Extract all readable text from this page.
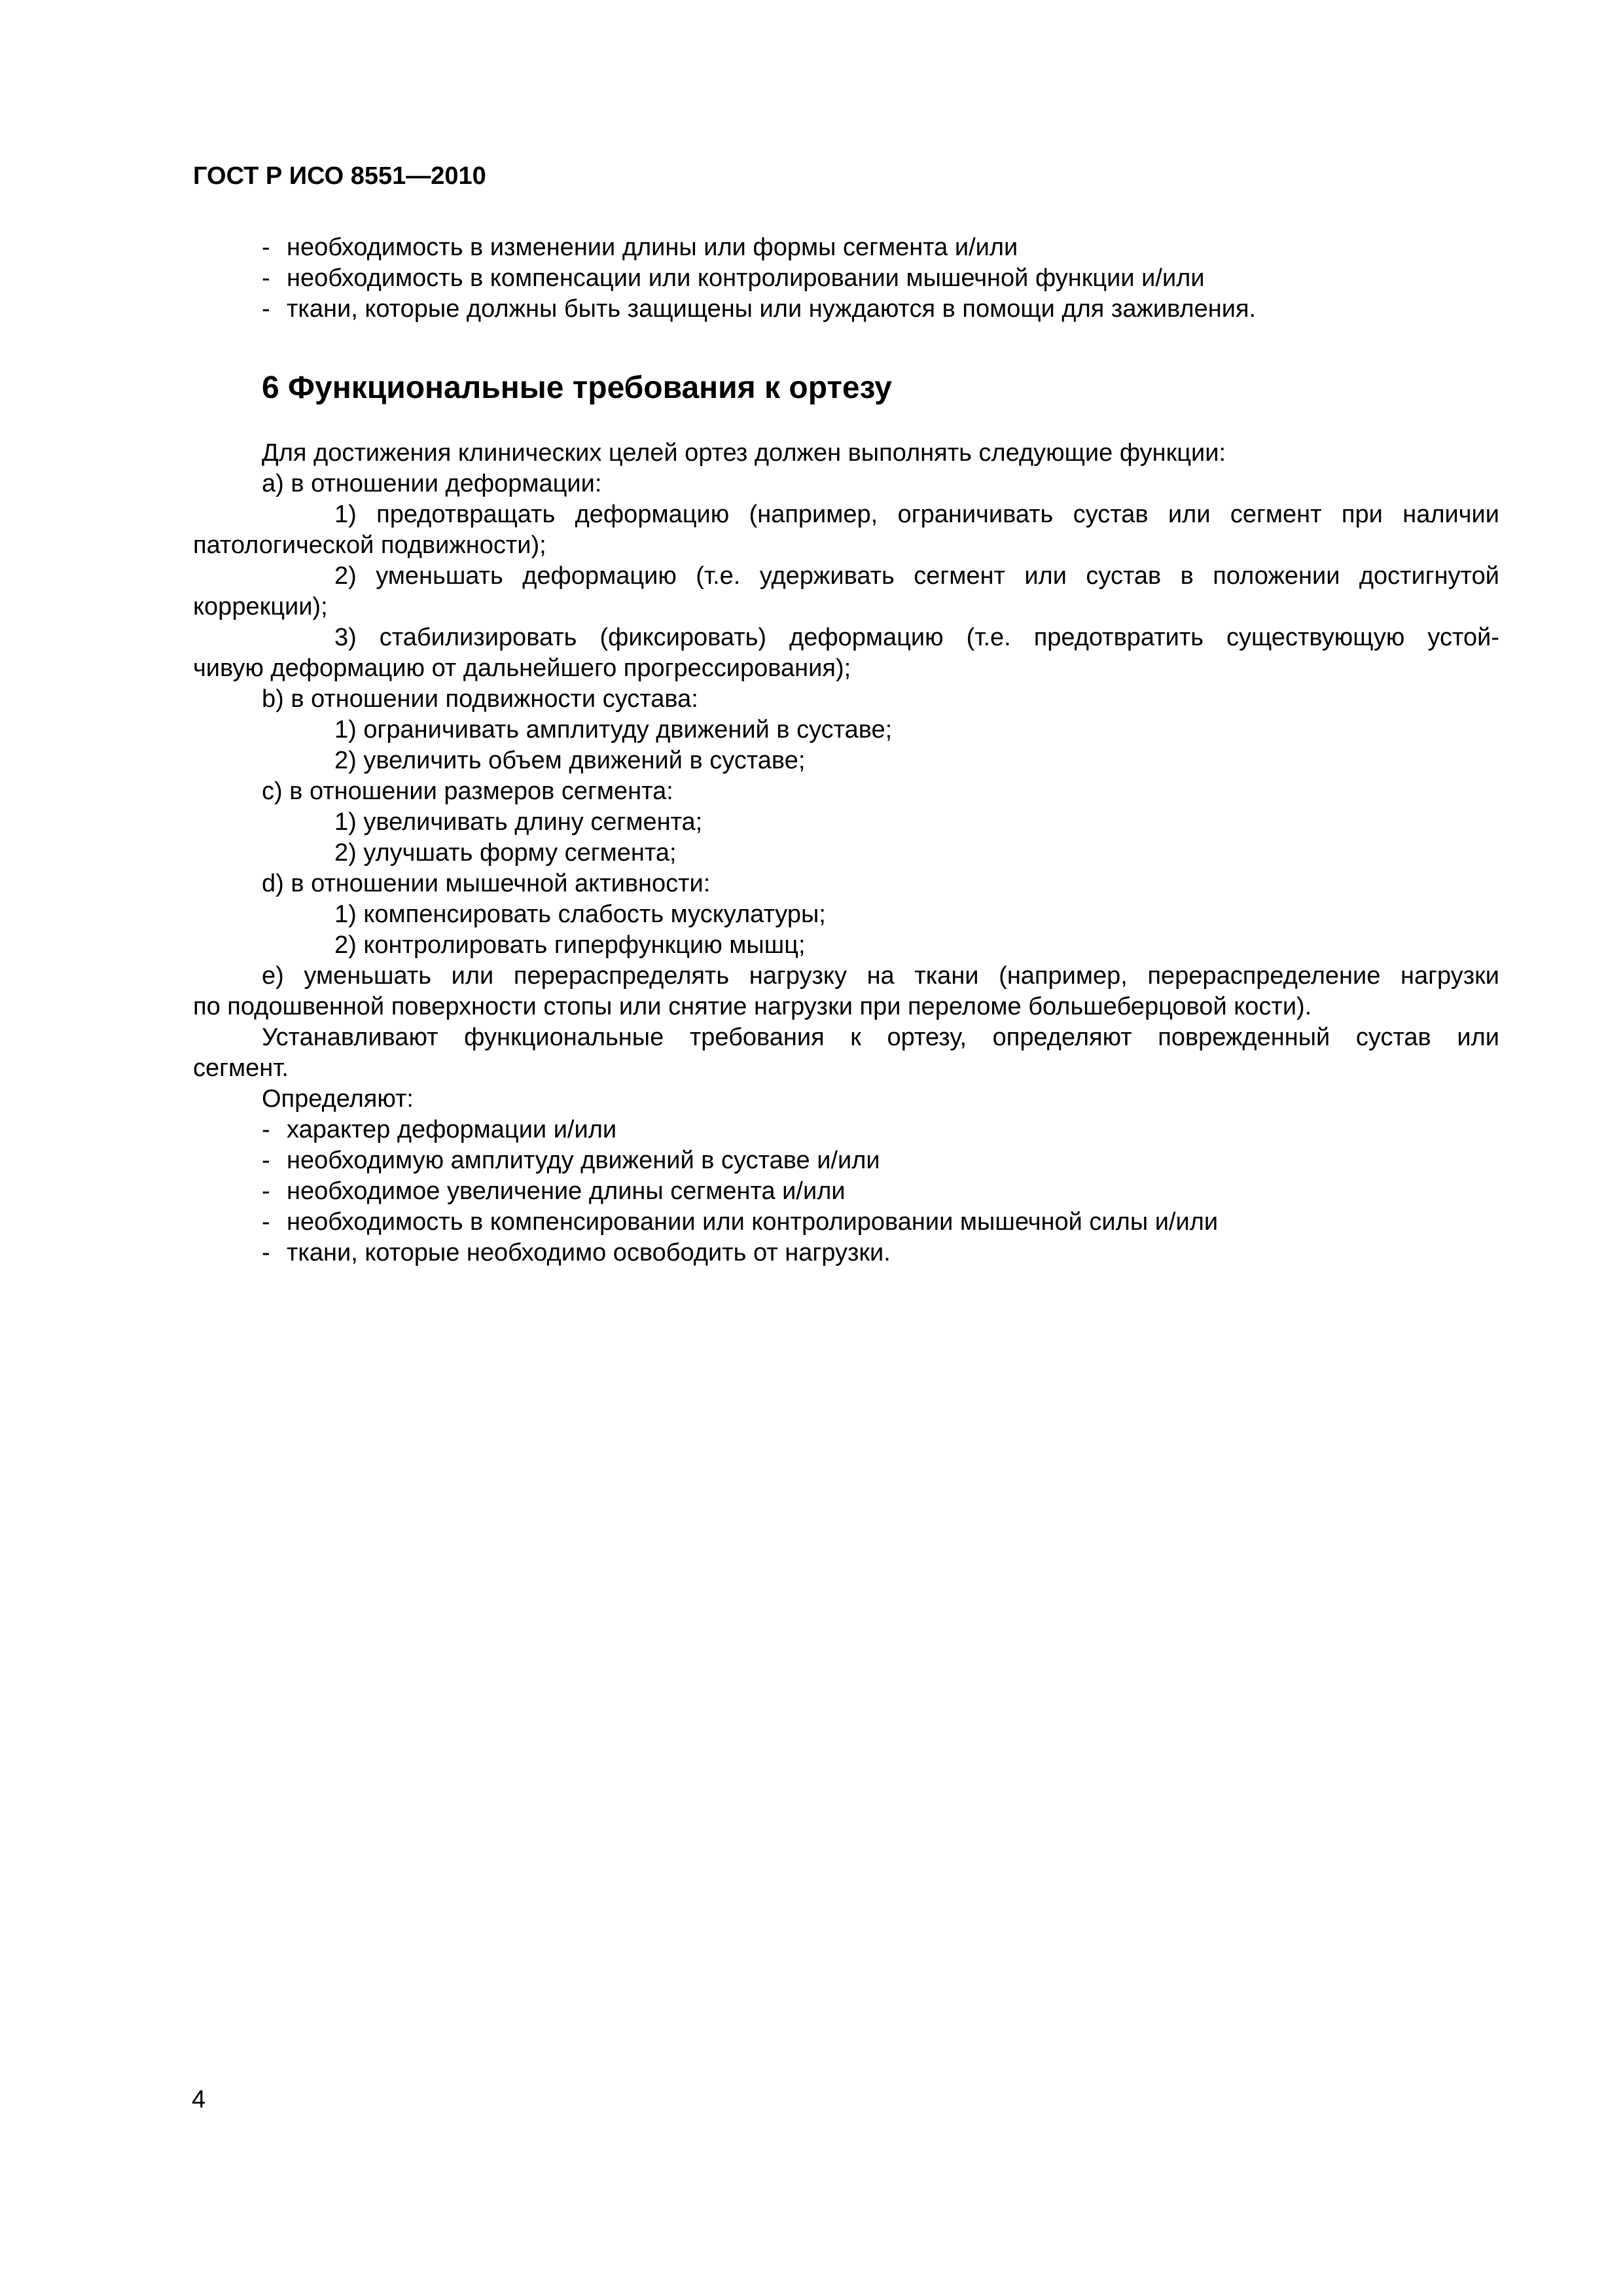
ГОСТ Р ИСО 8551—2010
- необходимость в изменении длины или формы сегмента и/или
- необходимость в компенсации или контролировании мышечной функции и/или
- ткани, которые должны быть защищены или нуждаются в помощи для заживления.
6 Функциональные требования к ортезу
Для достижения клинических целей ортез должен выполнять следующие функции:
a) в отношении деформации:
1) предотвращать деформацию (например, ограничивать сустав или сегмент при наличии
патологической подвижности);
2) уменьшать деформацию (т.е. удерживать сегмент или сустав в положении достигнутой
коррекции);
3) стабилизировать (фиксировать) деформацию (т.е. предотвратить существующую устой-
чивую деформацию от дальнейшего прогрессирования);
b) в отношении подвижности сустава:
1) ограничивать амплитуду движений в суставе;
2) увеличить объем движений в суставе;
c) в отношении размеров сегмента:
1) увеличивать длину сегмента;
2) улучшать форму сегмента;
d) в отношении мышечной активности:
1) компенсировать слабость мускулатуры;
2) контролировать гиперфункцию мышц;
e) уменьшать или перераспределять нагрузку на ткани (например, перераспределение нагрузки
по подошвенной поверхности стопы или снятие нагрузки при переломе большеберцовой кости).
Устанавливают функциональные требования к ортезу, определяют поврежденный сустав или
сегмент.
Определяют:
- характер деформации и/или
- необходимую амплитуду движений в суставе и/или
- необходимое увеличение длины сегмента и/или
- необходимость в компенсировании или контролировании мышечной силы и/или
- ткани, которые необходимо освободить от нагрузки.
4
